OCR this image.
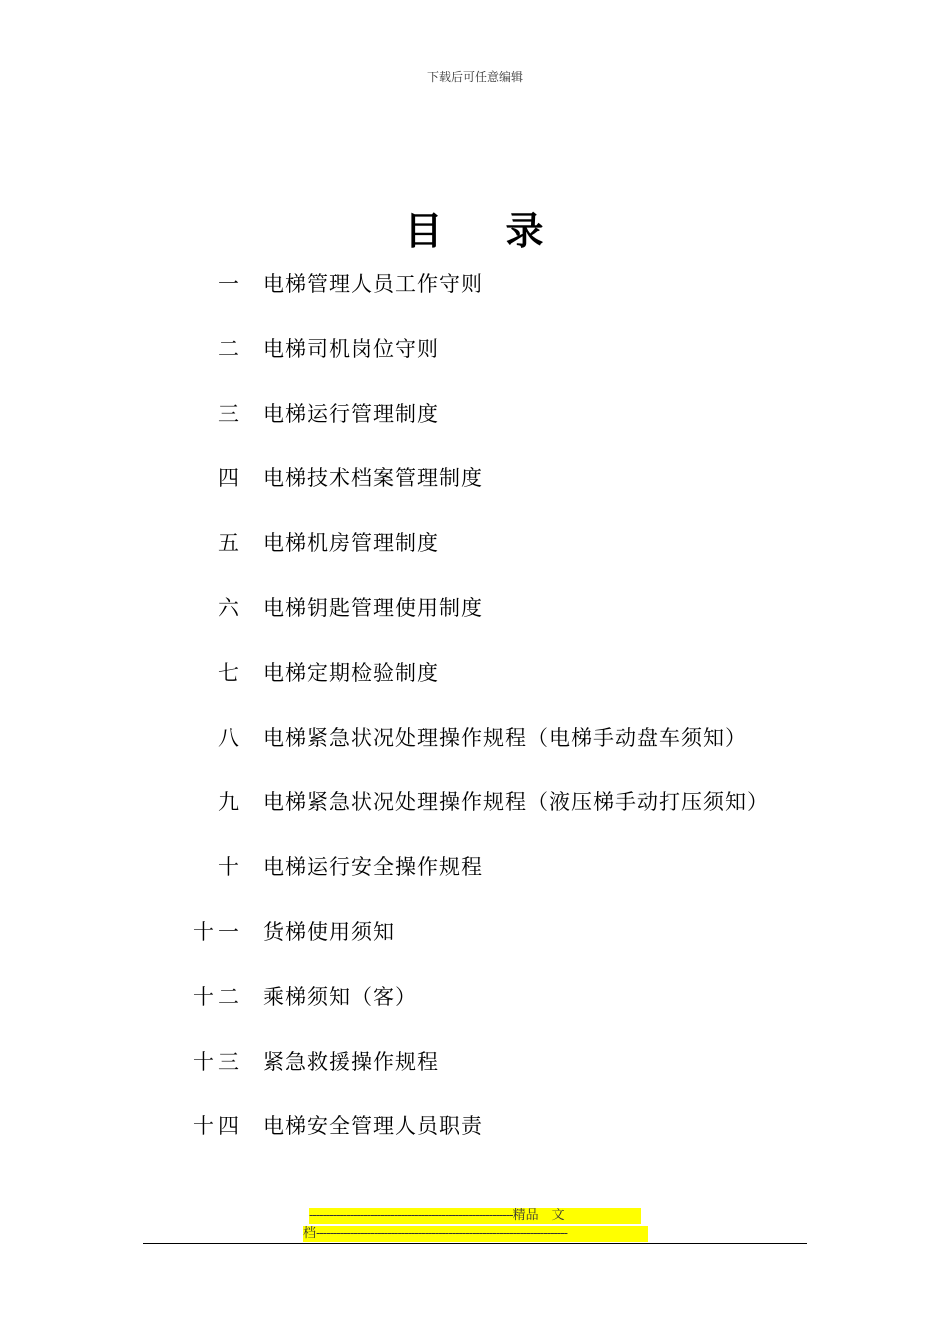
下载后可任意编辑
目    录
一 电梯管理人员工作守则
二 电梯司机岗位守则
三 电梯运行管理制度
四 电梯技术档案管理制度
五 电梯机房管理制度
六 电梯钥匙管理使用制度
七 电梯定期检验制度
八 电梯紧急状况处理操作规程（电梯手动盘车须知）
九 电梯紧急状况处理操作规程（液压梯手动打压须知）
十 电梯运行安全操作规程
十一 货梯使用须知
十二 乘梯须知（客）
十三 紧急救援操作规程
十四 电梯安全管理人员职责
------------------------------------------------------------精品　文
档--------------------------------------------------------------------------
